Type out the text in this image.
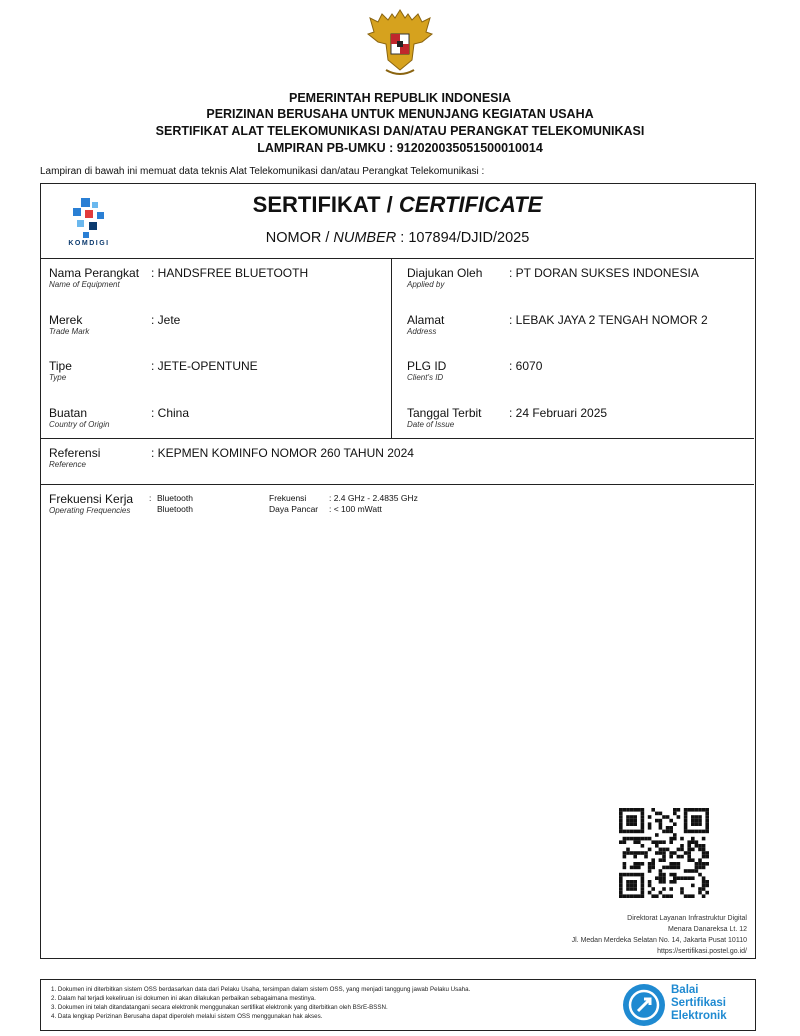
PEMERINTAH REPUBLIK INDONESIA
PERIZINAN BERUSAHA UNTUK MENUNJANG KEGIATAN USAHA
SERTIFIKAT ALAT TELEKOMUNIKASI DAN/ATAU PERANGKAT TELEKOMUNIKASI
LAMPIRAN PB-UMKU : 912020035051500010014
Lampiran di bawah ini memuat data teknis Alat Telekomunikasi dan/atau Perangkat Telekomunikasi :
KOMDIGI
SERTIFIKAT / CERTIFICATE
NOMOR / NUMBER : 107894/DJID/2025
Nama Perangkat
Name of Equipment
: HANDSFREE BLUETOOTH
Merek
Trade Mark
: Jete
Tipe
Type
: JETE-OPENTUNE
Buatan
Country of Origin
: China
Diajukan Oleh
Applied by
: PT DORAN SUKSES INDONESIA
Alamat
Address
: LEBAK JAYA 2 TENGAH NOMOR 2
PLG ID
Client's ID
: 6070
Tanggal Terbit
Date of Issue
: 24 Februari 2025
Referensi
Reference
: KEPMEN KOMINFO NOMOR 260 TAHUN 2024
Frekuensi Kerja
Operating Frequencies
: Bluetooth	Frekuensi	: 2.4 GHz - 2.4835 GHz
Bluetooth	Daya Pancar : < 100 mWatt
Direktorat Layanan Infrastruktur Digital
Menara Danareksa Lt. 12
Jl. Medan Merdeka Selatan No. 14, Jakarta Pusat 10110
https://sertifikasi.postel.go.id/
1. Dokumen ini diterbitkan sistem OSS berdasarkan data dari Pelaku Usaha, tersimpan dalam sistem OSS, yang menjadi tanggung jawab Pelaku Usaha.
2. Dalam hal terjadi kekeliruan isi dokumen ini akan dilakukan perbaikan sebagaimana mestinya.
3. Dokumen ini telah ditandatangani secara elektronik menggunakan sertifikat elektronik yang diterbitkan oleh BSrE-BSSN.
4. Data lengkap Perizinan Berusaha dapat diperoleh melalui sistem OSS menggunakan hak akses.
Balai
Sertifikasi
Elektronik
